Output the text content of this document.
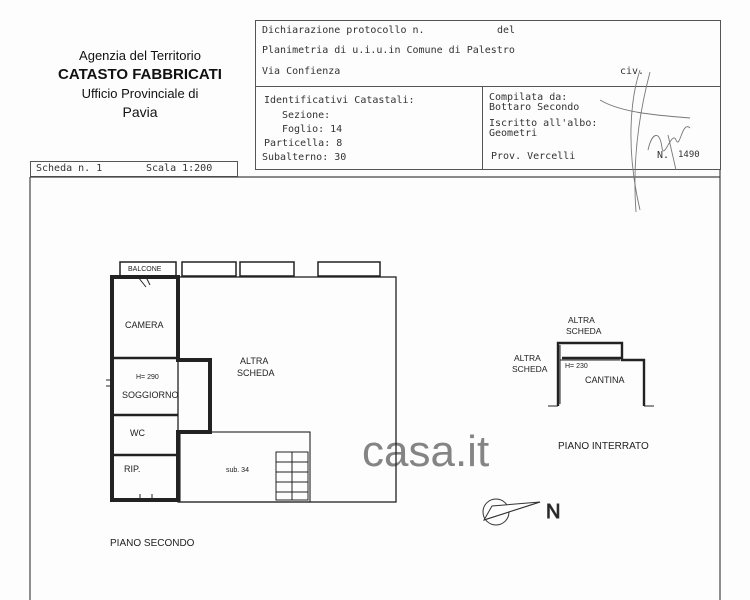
Agenzia del Territorio
CATASTO FABBRICATI
Ufficio Provinciale di
Pavia
Dichiarazione protocollo n.	del
Planimetria di u.i.u.in Comune di Palestro
Via Confienza	civ.
Identificativi Catastali:
Sezione:
Foglio: 14
Particella: 8
Subalterno: 30
Compilata da:
Bottaro Secondo
Iscritto all'albo:
Geometri
Prov. Vercelli	N. 1490
Scheda n. 1	Scala 1:200
BALCONE
CAMERA
ALTRA
SCHEDA
H= 290
SOGGIORNO
WC
RIP.	sub. 34
PIANO SECONDO
ALTRA
SCHEDA
ALTRA
SCHEDA	H= 230
CANTINA
PIANO INTERRATO
N
casa.it
